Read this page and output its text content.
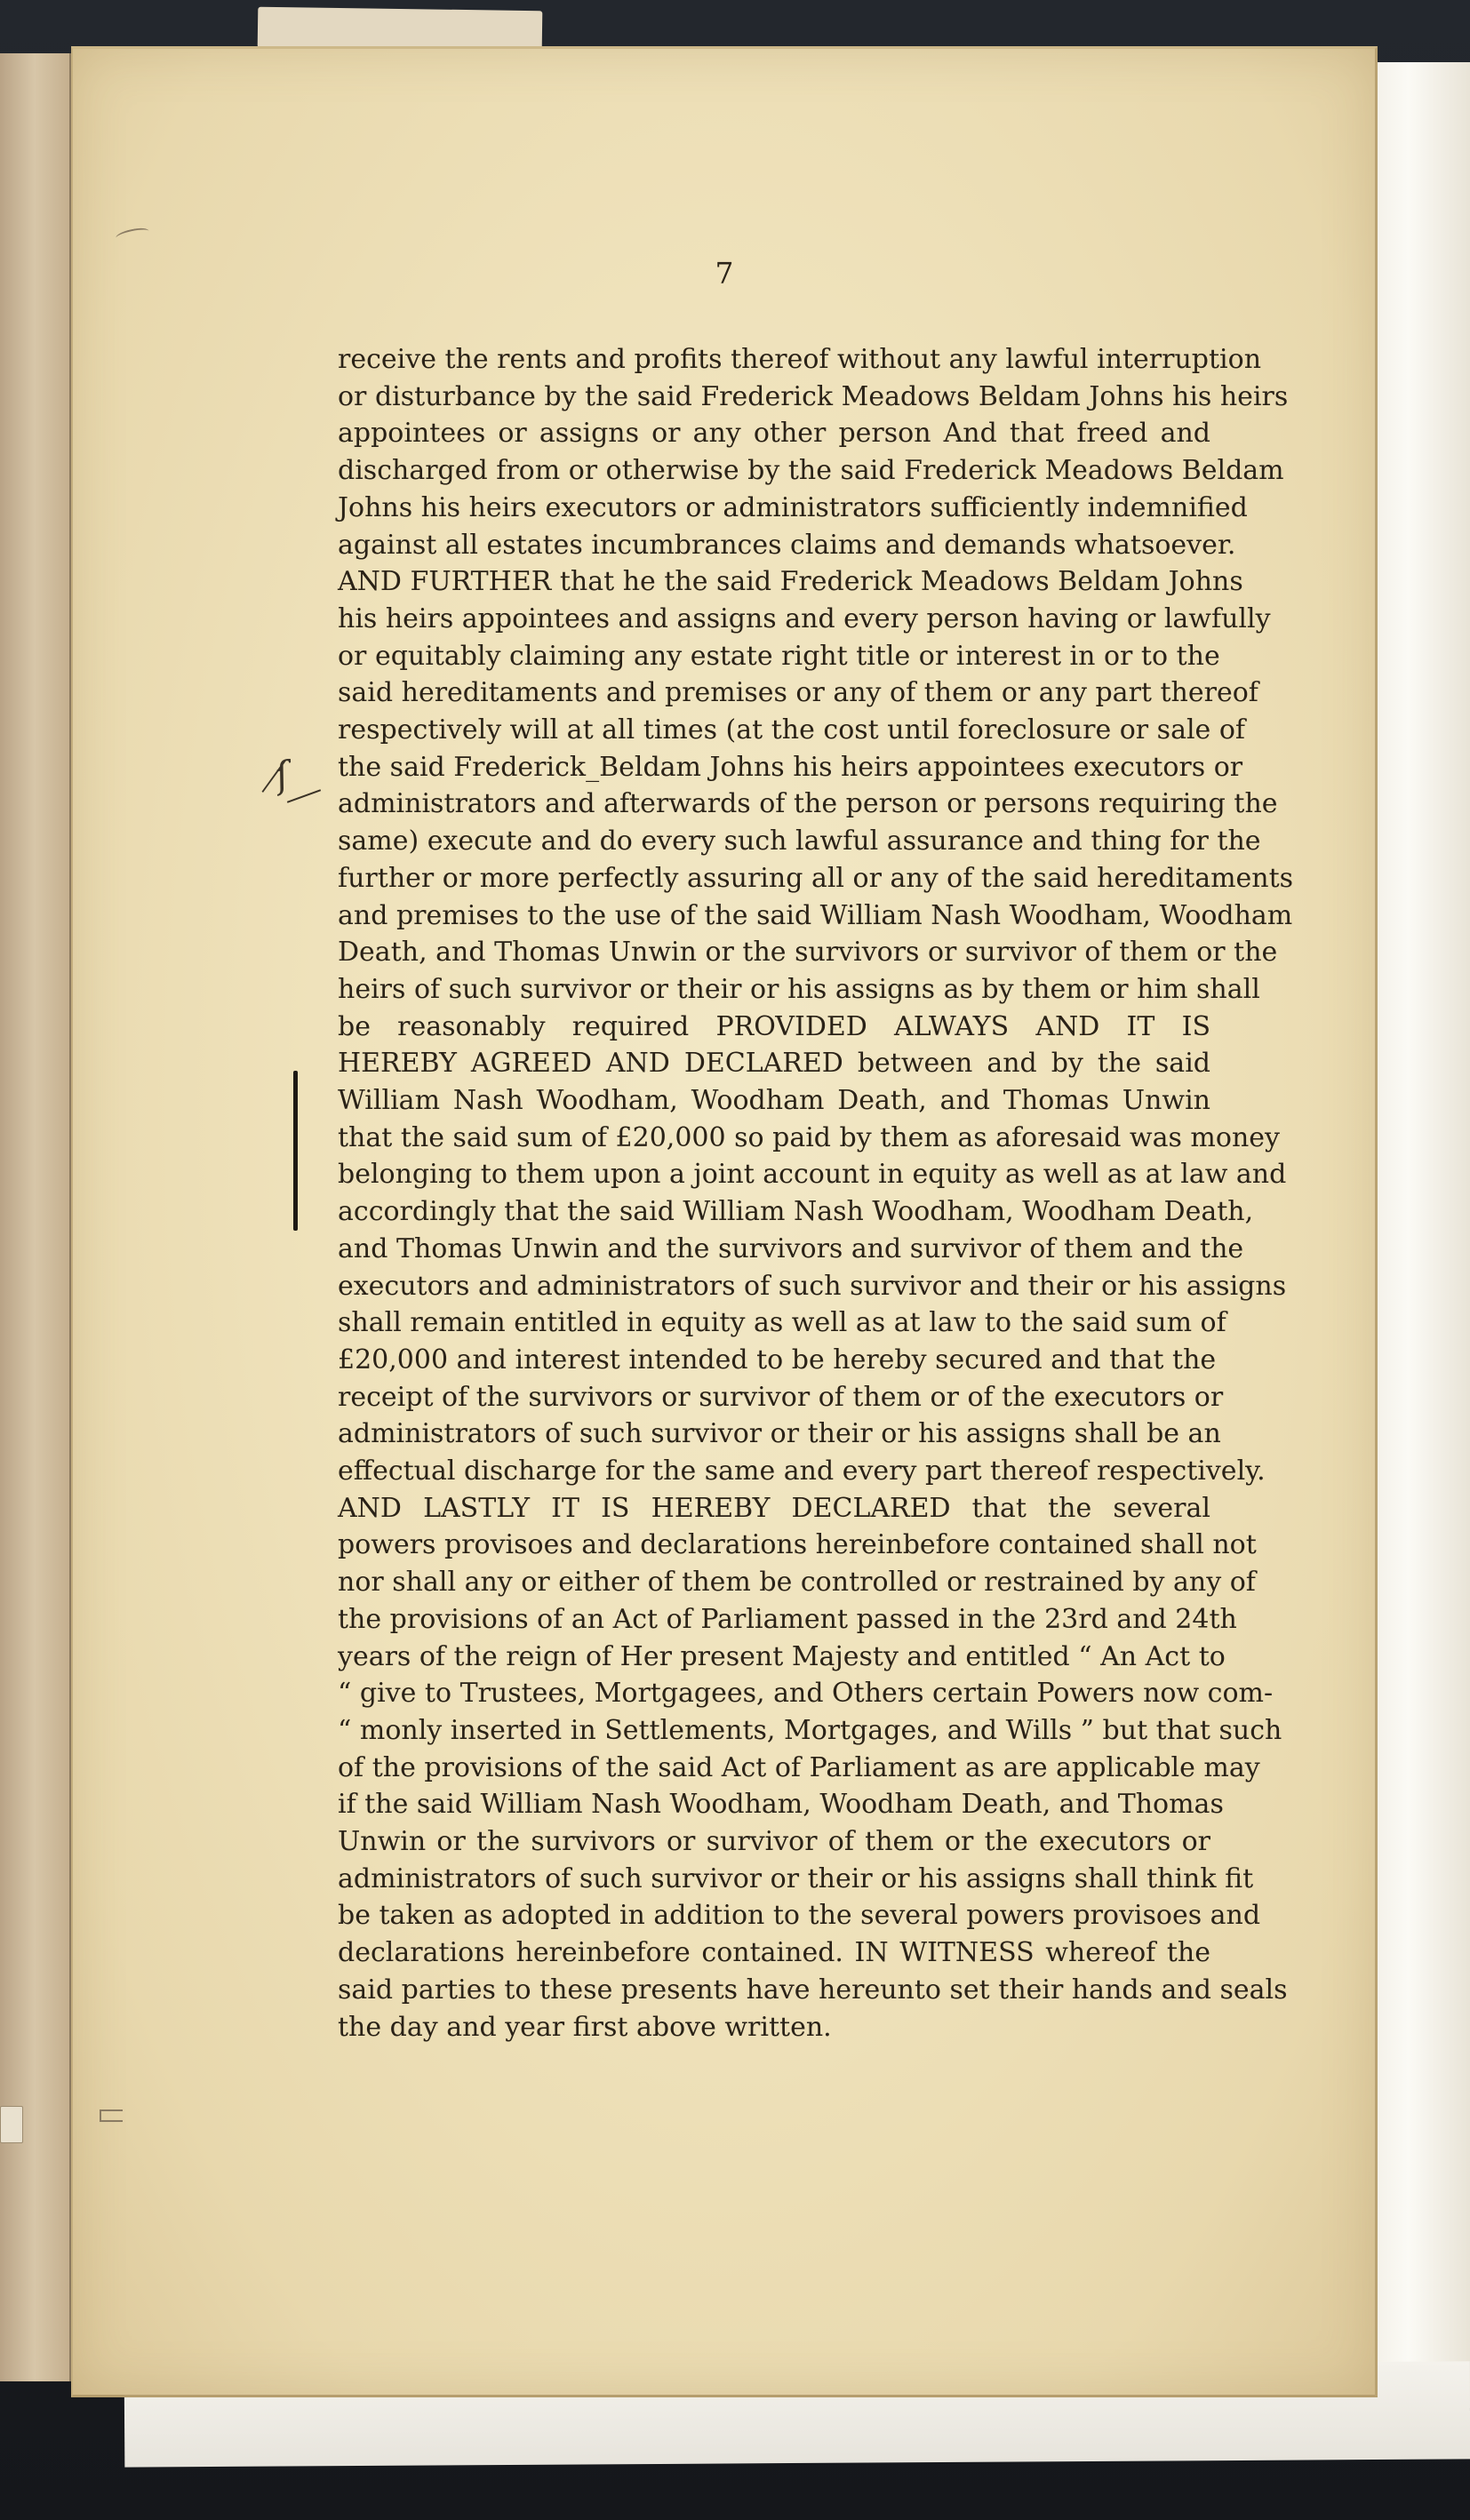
7
ſ̸
receive the rents and profits thereof without any lawful interruption
or disturbance by the said Frederick Meadows Beldam Johns his heirs
appointees or assigns or any other person And that freed and
discharged from or otherwise by the said Frederick Meadows Beldam
Johns his heirs executors or administrators sufficiently indemnified
against all estates incumbrances claims and demands whatsoever.
AND FURTHER that he the said Frederick Meadows Beldam Johns
his heirs appointees and assigns and every person having or lawfully
or equitably claiming any estate right title or interest in or to the
said hereditaments and premises or any of them or any part thereof
respectively will at all times (at the cost until foreclosure or sale of
the said Frederick_Beldam Johns his heirs appointees executors or
administrators and afterwards of the person or persons requiring the
same) execute and do every such lawful assurance and thing for the
further or more perfectly assuring all or any of the said hereditaments
and premises to the use of the said William Nash Woodham, Woodham
Death, and Thomas Unwin or the survivors or survivor of them or the
heirs of such survivor or their or his assigns as by them or him shall
be reasonably required PROVIDED ALWAYS AND IT IS
HEREBY AGREED AND DECLARED between and by the said
William Nash Woodham, Woodham Death, and Thomas Unwin
that the said sum of £20,000 so paid by them as aforesaid was money
belonging to them upon a joint account in equity as well as at law and
accordingly that the said William Nash Woodham, Woodham Death,
and Thomas Unwin and the survivors and survivor of them and the
executors and administrators of such survivor and their or his assigns
shall remain entitled in equity as well as at law to the said sum of
£20,000 and interest intended to be hereby secured and that the
receipt of the survivors or survivor of them or of the executors or
administrators of such survivor or their or his assigns shall be an
effectual discharge for the same and every part thereof respectively.
AND LASTLY IT IS HEREBY DECLARED that the several
powers provisoes and declarations hereinbefore contained shall not
nor shall any or either of them be controlled or restrained by any of
the provisions of an Act of Parliament passed in the 23rd and 24th
years of the reign of Her present Majesty and entitled “ An Act to
“ give to Trustees, Mortgagees, and Others certain Powers now com-
“ monly inserted in Settlements, Mortgages, and Wills ” but that such
of the provisions of the said Act of Parliament as are applicable may
if the said William Nash Woodham, Woodham Death, and Thomas
Unwin or the survivors or survivor of them or the executors or
administrators of such survivor or their or his assigns shall think fit
be taken as adopted in addition to the several powers provisoes and
declarations hereinbefore contained. IN WITNESS whereof the
said parties to these presents have hereunto set their hands and seals
the day and year first above written.
